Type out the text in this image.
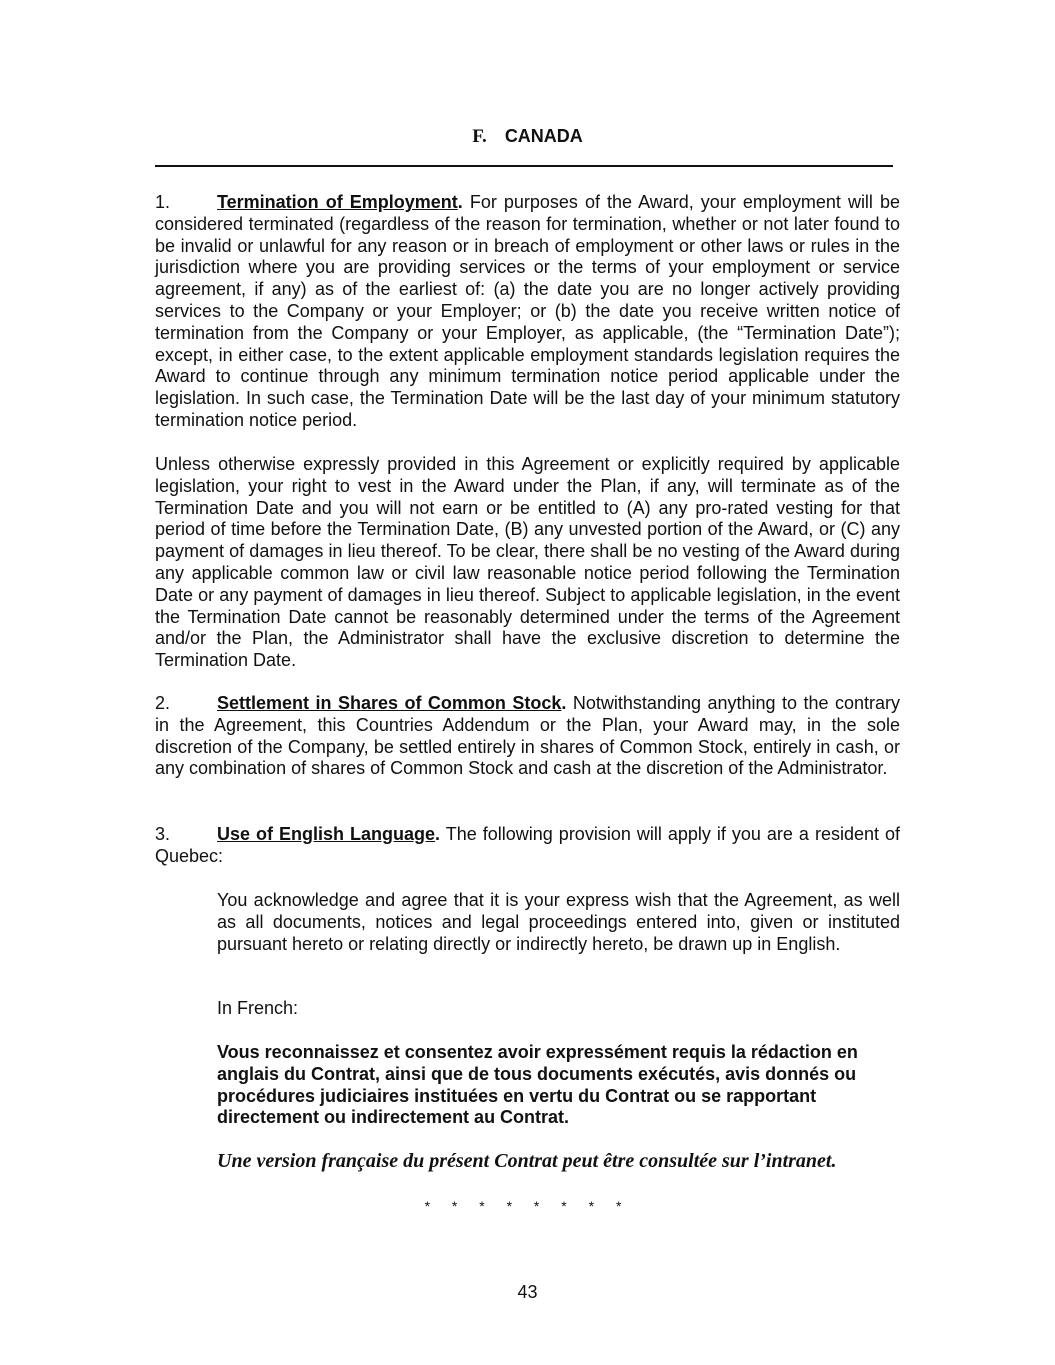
F. CANADA
1.	Termination of Employment. For purposes of the Award, your employment will be considered terminated (regardless of the reason for termination, whether or not later found to be invalid or unlawful for any reason or in breach of employment or other laws or rules in the jurisdiction where you are providing services or the terms of your employment or service agreement, if any) as of the earliest of: (a) the date you are no longer actively providing services to the Company or your Employer; or (b) the date you receive written notice of termination from the Company or your Employer, as applicable, (the “Termination Date”); except, in either case, to the extent applicable employment standards legislation requires the Award to continue through any minimum termination notice period applicable under the legislation. In such case, the Termination Date will be the last day of your minimum statutory termination notice period.
Unless otherwise expressly provided in this Agreement or explicitly required by applicable legislation, your right to vest in the Award under the Plan, if any, will terminate as of the Termination Date and you will not earn or be entitled to (A) any pro-rated vesting for that period of time before the Termination Date, (B) any unvested portion of the Award, or (C) any payment of damages in lieu thereof. To be clear, there shall be no vesting of the Award during any applicable common law or civil law reasonable notice period following the Termination Date or any payment of damages in lieu thereof. Subject to applicable legislation, in the event the Termination Date cannot be reasonably determined under the terms of the Agreement and/or the Plan, the Administrator shall have the exclusive discretion to determine the Termination Date.
2.	Settlement in Shares of Common Stock. Notwithstanding anything to the contrary in the Agreement, this Countries Addendum or the Plan, your Award may, in the sole discretion of the Company, be settled entirely in shares of Common Stock, entirely in cash, or any combination of shares of Common Stock and cash at the discretion of the Administrator.
3.	Use of English Language. The following provision will apply if you are a resident of Quebec:
You acknowledge and agree that it is your express wish that the Agreement, as well as all documents, notices and legal proceedings entered into, given or instituted pursuant hereto or relating directly or indirectly hereto, be drawn up in English.
In French:
Vous reconnaissez et consentez avoir expressément requis la rédaction en anglais du Contrat, ainsi que de tous documents exécutés, avis donnés ou procédures judiciaires instituées en vertu du Contrat ou se rapportant directement ou indirectement au Contrat.
Une version française du présent Contrat peut être consultée sur l’intranet.
* * * * * * * *
43
